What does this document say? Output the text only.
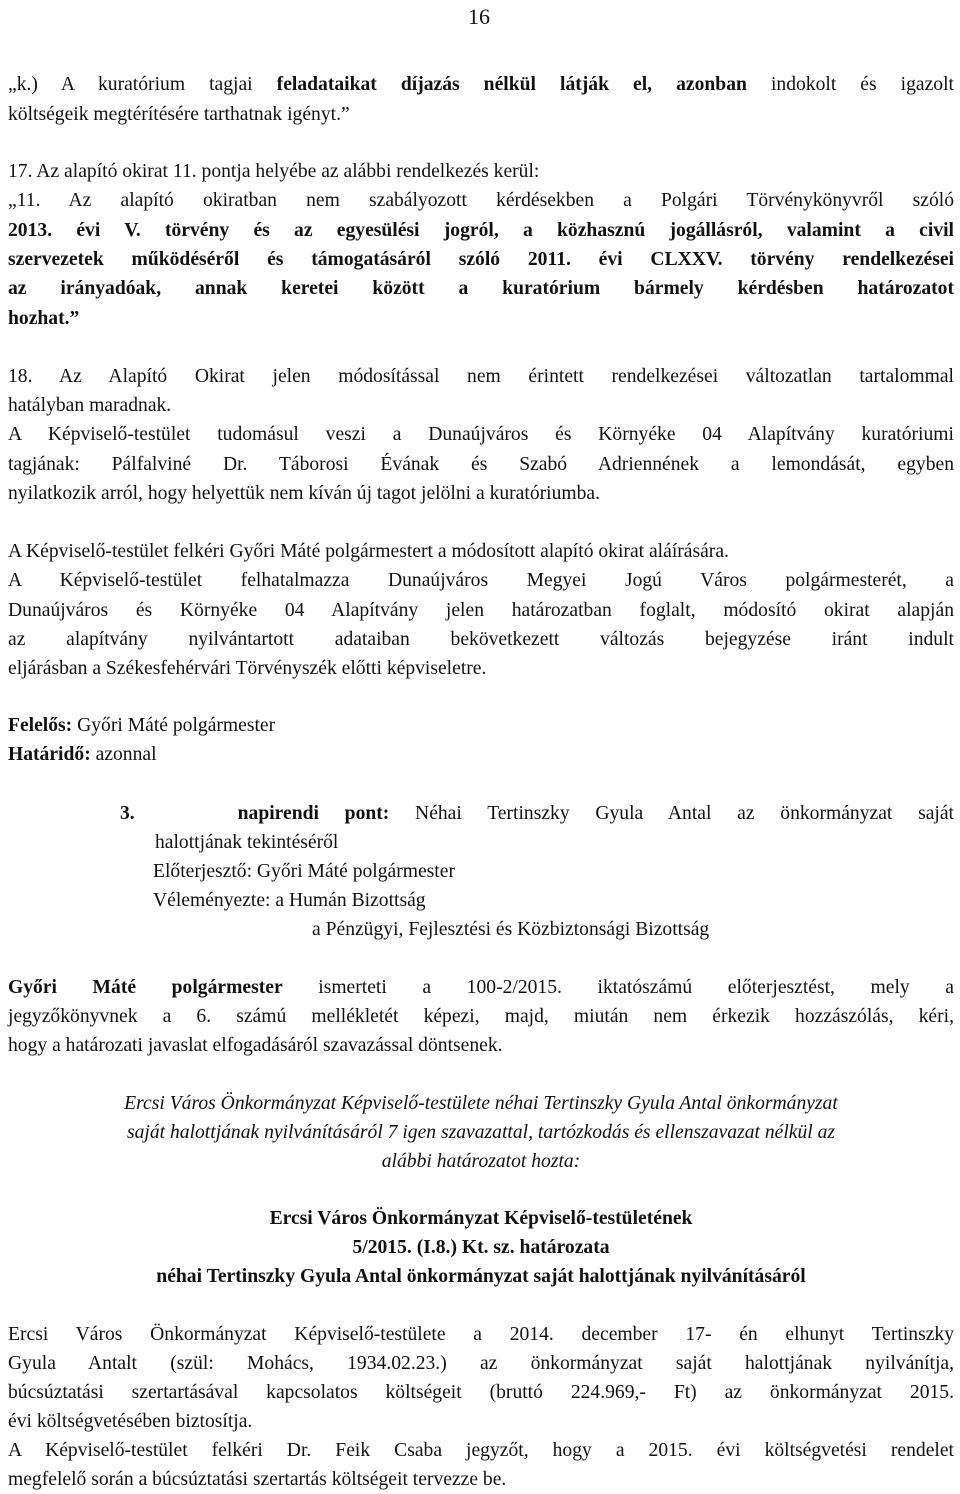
16
„k.) A kuratórium tagjai feladataikat díjazás nélkül látják el, azonban indokolt és igazolt
költségeik megtérítésére tarthatnak igényt.”
17. Az alapító okirat 11. pontja helyébe az alábbi rendelkezés kerül:
„11. Az alapító okiratban nem szabályozott kérdésekben a Polgári Törvénykönyvről szóló
2013. évi V. törvény és az egyesülési jogról, a közhasznú jogállásról, valamint a civil
szervezetek működéséről és támogatásáról szóló 2011. évi CLXXV. törvény rendelkezései
az irányadóak, annak keretei között a kuratórium bármely kérdésben határozatot
hozhat.”
18. Az Alapító Okirat jelen módosítással nem érintett rendelkezései változatlan tartalommal
hatályban maradnak.
A Képviselő-testület tudomásul veszi a Dunaújváros és Környéke 04 Alapítvány kuratóriumi
tagjának: Pálfalviné Dr. Táborosi Évának és Szabó Adriennének a lemondását, egyben
nyilatkozik arról, hogy helyettük nem kíván új tagot jelölni a kuratóriumba.
A Képviselő-testület felkéri Győri Máté polgármestert a módosított alapító okirat aláírására.
A Képviselő-testület felhatalmazza Dunaújváros Megyei Jogú Város polgármesterét, a
Dunaújváros és Környéke 04 Alapítvány jelen határozatban foglalt, módosító okirat alapján
az alapítvány nyilvántartott adataiban bekövetkezett változás bejegyzése iránt indult
eljárásban a Székesfehérvári Törvényszék előtti képviseletre.
Felelős: Győri Máté polgármester
Határidő: azonnal
3.	napirendi pont: Néhai Tertinszky Gyula Antal az önkormányzat saját
halottjának tekintéséről
Előterjesztő: Győri Máté polgármester
Véleményezte: a Humán Bizottság
a Pénzügyi, Fejlesztési és Közbiztonsági Bizottság
Győri Máté polgármester ismerteti a 100-2/2015. iktatószámú előterjesztést, mely a
jegyzőkönyvnek a 6. számú mellékletét képezi, majd, miután nem érkezik hozzászólás, kéri,
hogy a határozati javaslat elfogadásáról szavazással döntsenek.
Ercsi Város Önkormányzat Képviselő-testülete néhai Tertinszky Gyula Antal önkormányzat
saját halottjának nyilvánításáról 7 igen szavazattal, tartózkodás és ellenszavazat nélkül az
alábbi határozatot hozta:
Ercsi Város Önkormányzat Képviselő-testületének
5/2015. (I.8.) Kt. sz. határozata
néhai Tertinszky Gyula Antal önkormányzat saját halottjának nyilvánításáról
Ercsi Város Önkormányzat Képviselő-testülete a 2014. december 17- én elhunyt Tertinszky
Gyula Antalt (szül: Mohács, 1934.02.23.) az önkormányzat saját halottjának nyilvánítja,
búcsúztatási szertartásával kapcsolatos költségeit (bruttó 224.969,- Ft) az önkormányzat 2015.
évi költségvetésében biztosítja.
A Képviselő-testület felkéri Dr. Feik Csaba jegyzőt, hogy a 2015. évi költségvetési rendelet
megfelelő során a búcsúztatási szertartás költségeit tervezze be.
